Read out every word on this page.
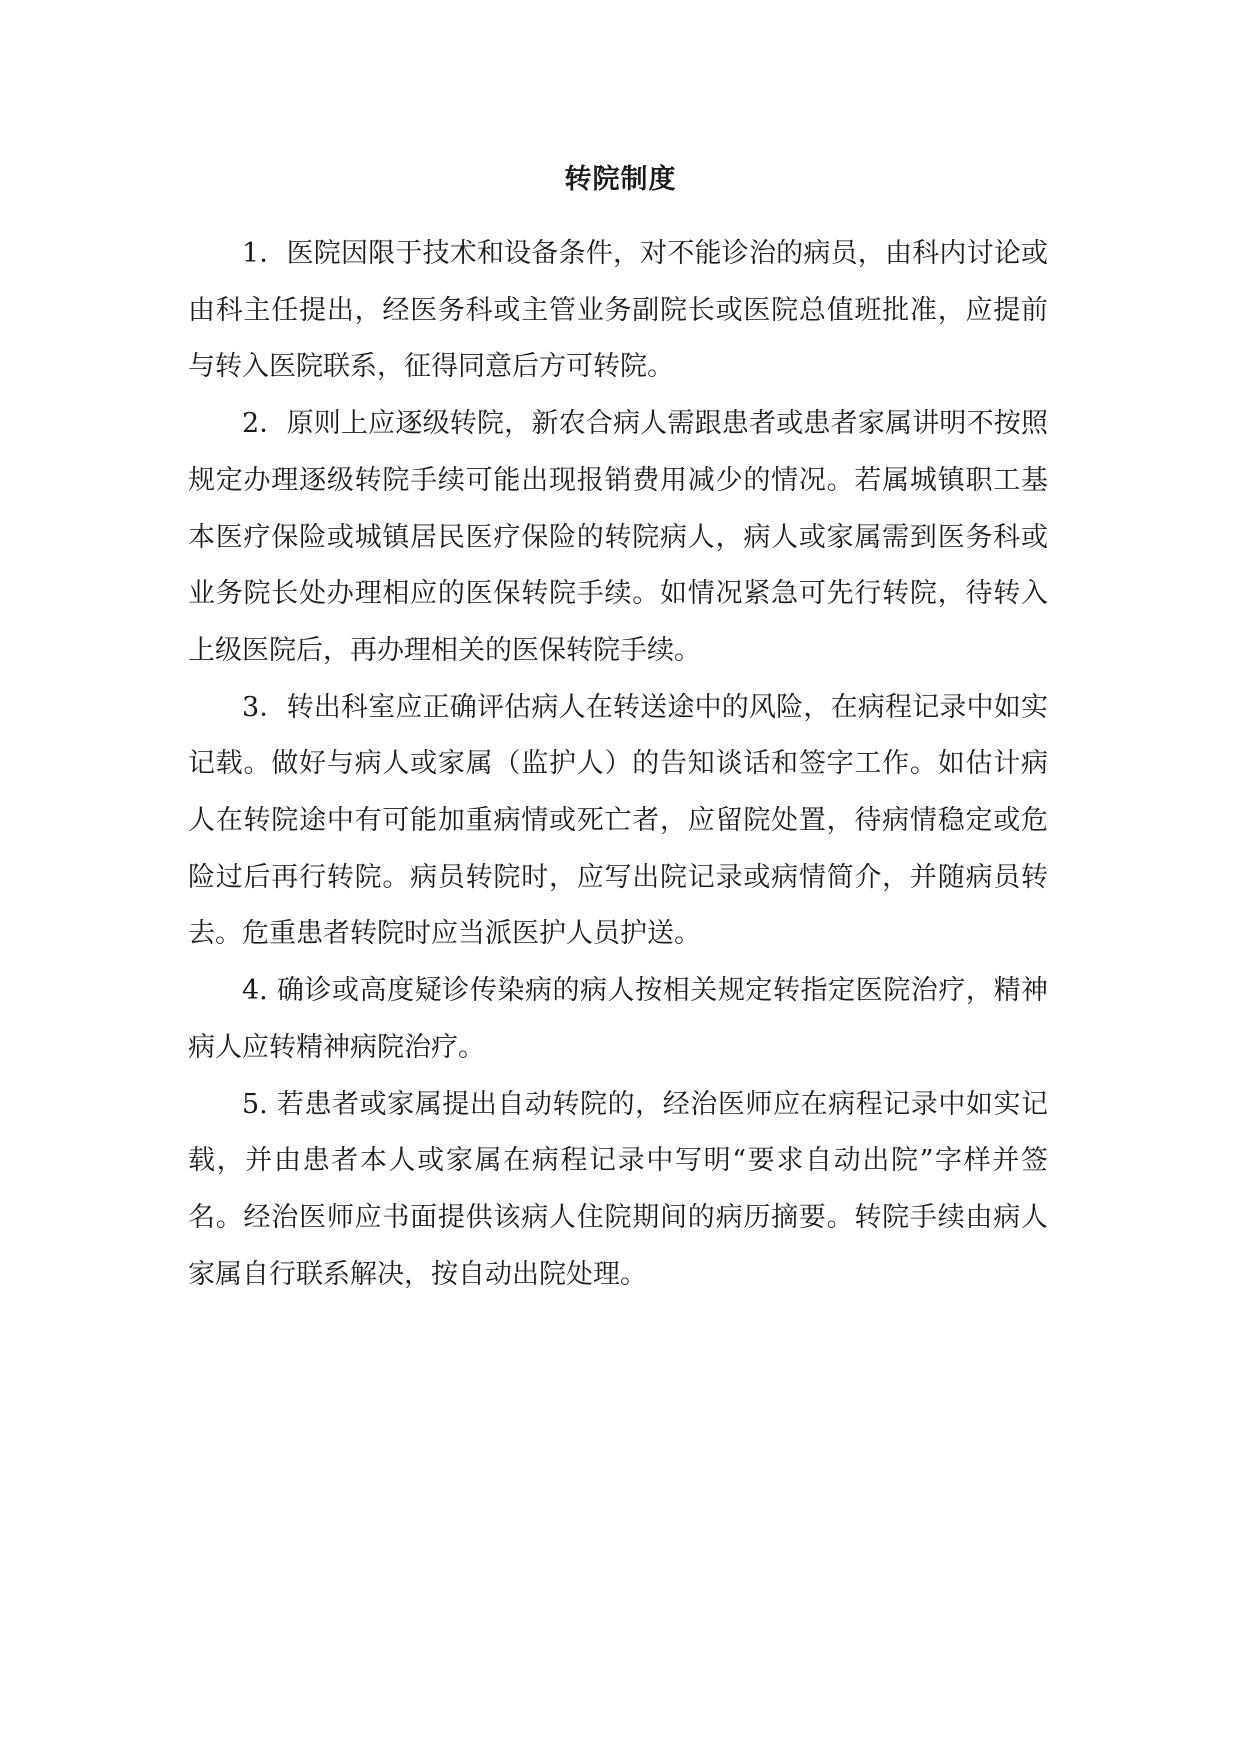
转院制度

1．医院因限于技术和设备条件，对不能诊治的病员，由科内讨论或由科主任提出，经医务科或主管业务副院长或医院总值班批准，应提前与转入医院联系，征得同意后方可转院。

2．原则上应逐级转院，新农合病人需跟患者或患者家属讲明不按照规定办理逐级转院手续可能出现报销费用减少的情况。若属城镇职工基本医疗保险或城镇居民医疗保险的转院病人，病人或家属需到医务科或业务院长处办理相应的医保转院手续。如情况紧急可先行转院，待转入上级医院后，再办理相关的医保转院手续。

3．转出科室应正确评估病人在转送途中的风险，在病程记录中如实记载。做好与病人或家属（监护人）的告知谈话和签字工作。如估计病人在转院途中有可能加重病情或死亡者，应留院处置，待病情稳定或危险过后再行转院。病员转院时，应写出院记录或病情简介，并随病员转去。危重患者转院时应当派医护人员护送。

4. 确诊或高度疑诊传染病的病人按相关规定转指定医院治疗，精神病人应转精神病院治疗。

5. 若患者或家属提出自动转院的，经治医师应在病程记录中如实记载，并由患者本人或家属在病程记录中写明“要求自动出院”字样并签名。经治医师应书面提供该病人住院期间的病历摘要。转院手续由病人家属自行联系解决，按自动出院处理。
